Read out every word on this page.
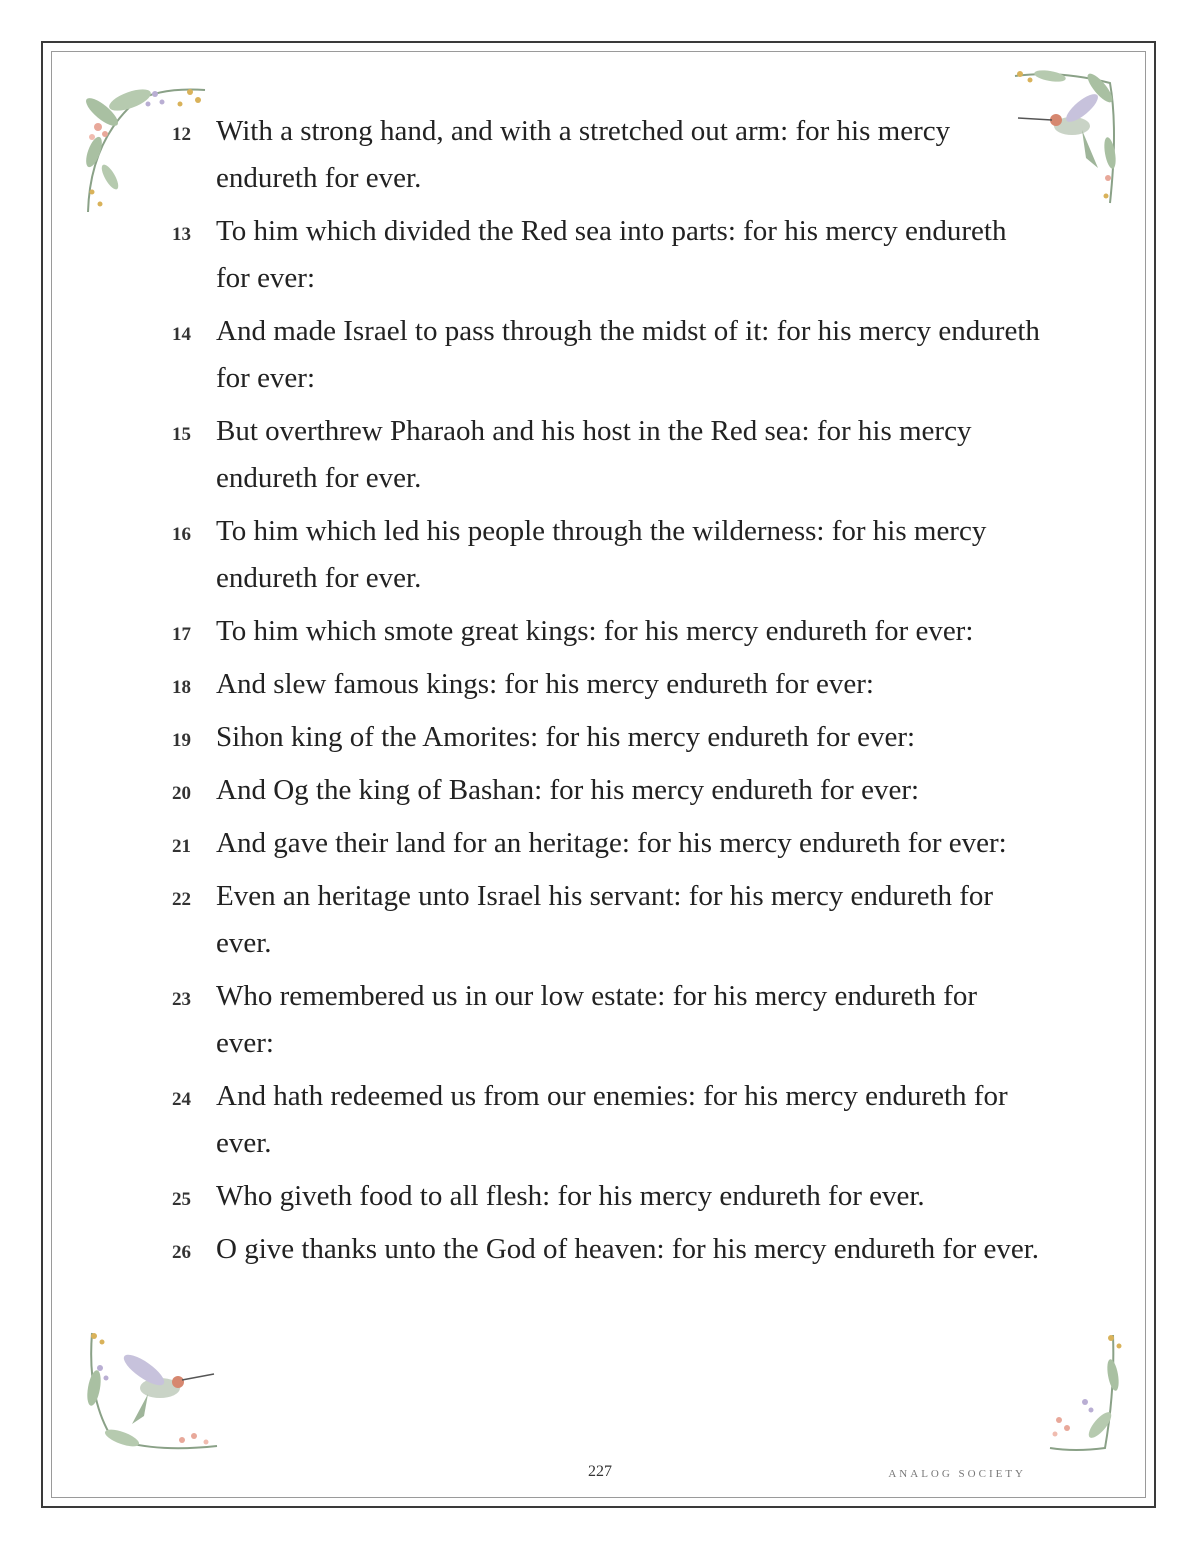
12 With a strong hand, and with a stretched out arm: for his mercy endureth for ever.
13 To him which divided the Red sea into parts: for his mercy endureth for ever:
14 And made Israel to pass through the midst of it: for his mercy endureth for ever:
15 But overthrew Pharaoh and his host in the Red sea: for his mercy endureth for ever.
16 To him which led his people through the wilderness: for his mercy endureth for ever.
17 To him which smote great kings: for his mercy endureth for ever:
18 And slew famous kings: for his mercy endureth for ever:
19 Sihon king of the Amorites: for his mercy endureth for ever:
20 And Og the king of Bashan: for his mercy endureth for ever:
21 And gave their land for an heritage: for his mercy endureth for ever:
22 Even an heritage unto Israel his servant: for his mercy endureth for ever.
23 Who remembered us in our low estate: for his mercy endureth for ever:
24 And hath redeemed us from our enemies: for his mercy endureth for ever.
25 Who giveth food to all flesh: for his mercy endureth for ever.
26 O give thanks unto the God of heaven: for his mercy endureth for ever.
227	ANALOG SOCIETY
